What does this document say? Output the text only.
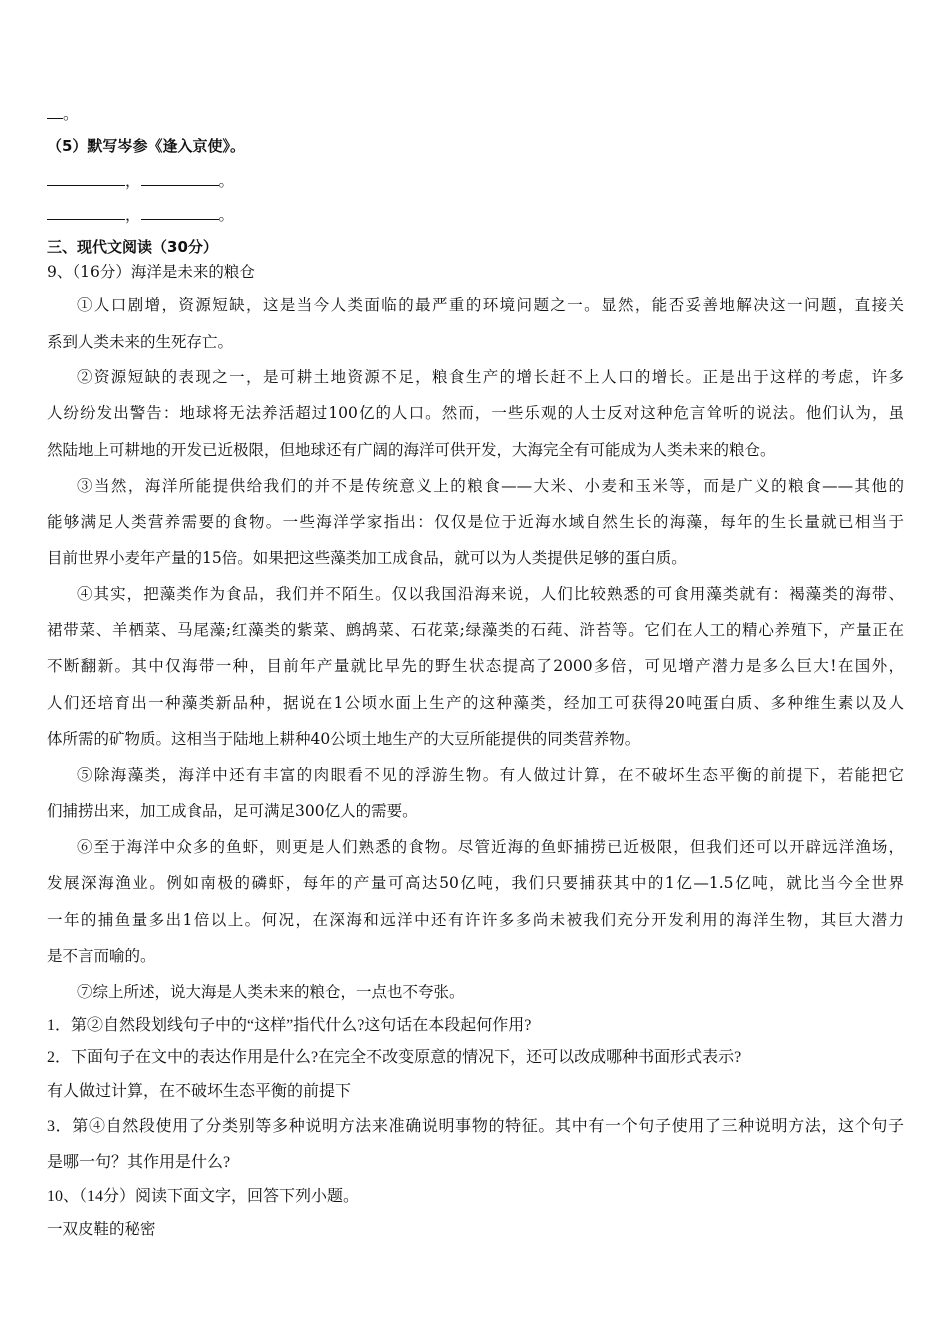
。
（5）默写岑参《逢入京使》。
，	。
，	。
三、现代文阅读（30分）
9、（16分）海洋是未来的粮仓
①人口剧增，资源短缺，这是当今人类面临的最严重的环境问题之一。显然，能否妥善地解决这一问题，直接关
系到人类未来的生死存亡。
②资源短缺的表现之一，是可耕土地资源不足，粮食生产的增长赶不上人口的增长。正是出于这样的考虑，许多
人纷纷发出警告：地球将无法养活超过100亿的人口。然而，一些乐观的人士反对这种危言耸听的说法。他们认为，虽
然陆地上可耕地的开发已近极限，但地球还有广阔的海洋可供开发，大海完全有可能成为人类未来的粮仓。
③当然，海洋所能提供给我们的并不是传统意义上的粮食——大米、小麦和玉米等，而是广义的粮食——其他的
能够满足人类营养需要的食物。一些海洋学家指出：仅仅是位于近海水域自然生长的海藻，每年的生长量就已相当于
目前世界小麦年产量的15倍。如果把这些藻类加工成食品，就可以为人类提供足够的蛋白质。
④其实，把藻类作为食品，我们并不陌生。仅以我国沿海来说，人们比较熟悉的可食用藻类就有：褐藻类的海带、
裙带菜、羊栖菜、马尾藻;红藻类的紫菜、鹧鸪菜、石花菜;绿藻类的石莼、浒苔等。它们在人工的精心养殖下，产量正在
不断翻新。其中仅海带一种，目前年产量就比早先的野生状态提高了2000多倍，可见增产潜力是多么巨大!在国外，
人们还培育出一种藻类新品种，据说在1公顷水面上生产的这种藻类，经加工可获得20吨蛋白质、多种维生素以及人
体所需的矿物质。这相当于陆地上耕种40公顷土地生产的大豆所能提供的同类营养物。
⑤除海藻类，海洋中还有丰富的肉眼看不见的浮游生物。有人做过计算，在不破坏生态平衡的前提下，若能把它
们捕捞出来，加工成食品，足可满足300亿人的需要。
⑥至于海洋中众多的鱼虾，则更是人们熟悉的食物。尽管近海的鱼虾捕捞已近极限，但我们还可以开辟远洋渔场，
发展深海渔业。例如南极的磷虾，每年的产量可高达50亿吨，我们只要捕获其中的1亿—1.5亿吨，就比当今全世界
一年的捕鱼量多出1倍以上。何况，在深海和远洋中还有许许多多尚未被我们充分开发利用的海洋生物，其巨大潜力
是不言而喻的。
⑦综上所述，说大海是人类未来的粮仓，一点也不夸张。
1．第②自然段划线句子中的“这样”指代什么?这句话在本段起何作用?
2．下面句子在文中的表达作用是什么?在完全不改变原意的情况下，还可以改成哪种书面形式表示?
有人做过计算，在不破坏生态平衡的前提下
3．第④自然段使用了分类别等多种说明方法来准确说明事物的特征。其中有一个句子使用了三种说明方法，这个句子
是哪一句？其作用是什么?
10、（14分）阅读下面文字，回答下列小题。
一双皮鞋的秘密
